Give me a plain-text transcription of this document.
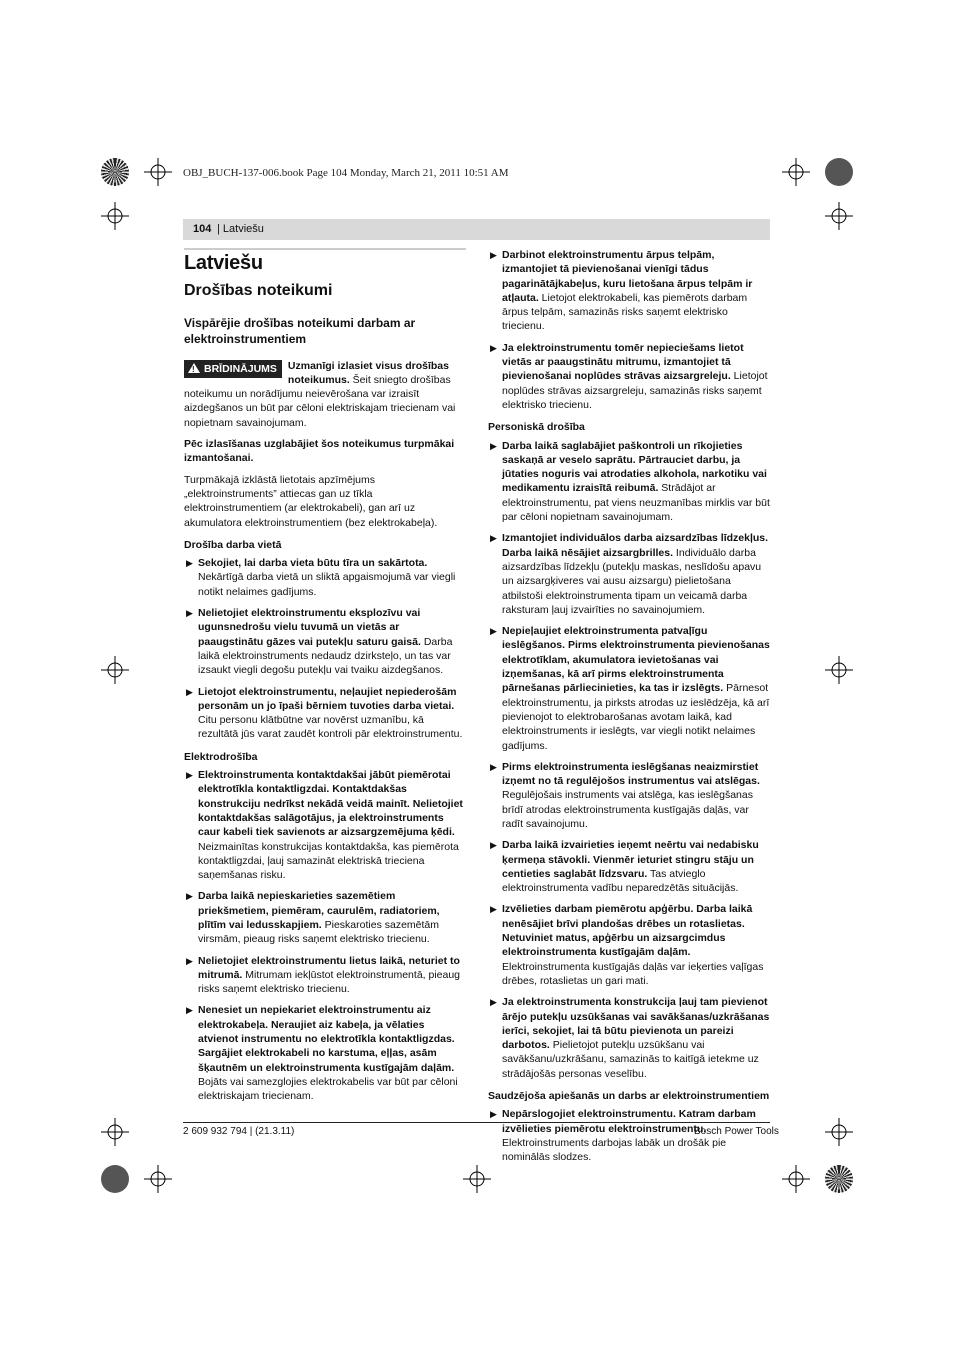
OBJ_BUCH-137-006.book Page 104 Monday, March 21, 2011 10:51 AM
104 | Latviešu
Latviešu
Drošības noteikumi
Vispārējie drošības noteikumi darbam ar elektroinstrumentiem

!BRĪDINĀJUMS	Uzmanīgi izlasiet visus drošības noteikumus. Šeit sniegto drošības noteikumu un norādījumu neievērošana var izraisīt aizdegšanos un būt par cēloni elektriskajam triecienam vai nopietnam savainojumam.

Pēc izlasīšanas uzglabājiet šos noteikumus turpmākai izmantošanai.

Turpmākajā izklāstā lietotais apzīmējums „elektroinstruments” attiecas gan uz tīkla elektroinstrumentiem (ar elektrokabeli), gan arī uz akumulatora elektroinstrumentiem (bez elektrokabeļa).

Drošība darba vietā
▶ Sekojiet, lai darba vieta būtu tīra un sakārtota. Nekārtīgā darba vietā un sliktā apgaismojumā var viegli notikt nelaimes gadījums.
▶ Nelietojiet elektroinstrumentu eksplozīvu vai ugunsnedrošu vielu tuvumā un vietās ar paaugstinātu gāzes vai putekļu saturu gaisā. Darba laikā elektroinstruments nedaudz dzirksteļo, un tas var izsaukt viegli degošu putekļu vai tvaiku aizdegšanos.
▶ Lietojot elektroinstrumentu, neļaujiet nepiederošām personām un jo īpaši bērniem tuvoties darba vietai. Citu personu klātbūtne var novērst uzmanību, kā rezultātā jūs varat zaudēt kontroli pār elektroinstrumentu.
Elektrodrošība
▶ Elektroinstrumenta kontaktdakšai jābūt piemērotai elektrotīkla kontaktligzdai. Kontaktdakšas konstrukciju nedrīkst nekādā veidā mainīt. Nelietojiet kontaktdakšas salāgotājus, ja elektroinstruments caur kabeli tiek savienots ar aizsargzemējuma ķēdi. Neizmainītas konstrukcijas kontaktdakša, kas piemērota kontaktligzdai, ļauj samazināt elektriskā trieciena saņemšanas risku.
▶ Darba laikā nepieskarieties sazemētiem priekšmetiem, piemēram, caurulēm, radiatoriem, plītīm vai ledusskapjiem. Pieskaroties sazemētām virsmām, pieaug risks saņemt elektrisko triecienu.
▶ Nelietojiet elektroinstrumentu lietus laikā, neturiet to mitrumā. Mitrumam iekļūstot elektroinstrumentā, pieaug risks saņemt elektrisko triecienu.
▶ Nenesiet un nepiekariet elektroinstrumentu aiz elektrokabeļa. Neraujiet aiz kabeļa, ja vēlaties atvienot instrumentu no elektrotīkla kontaktligzdas. Sargājiet elektrokabeli no karstuma, eļļas, asām šķautnēm un elektroinstrumenta kustīgajām daļām. Bojāts vai samezglojies elektrokabelis var būt par cēloni elektriskajam triecienam.
▶ Darbinot elektroinstrumentu ārpus telpām, izmantojiet tā pievienošanai vienīgi tādus pagarinātājkabeļus, kuru lietošana ārpus telpām ir atļauta. Lietojot elektrokabeli, kas piemērots darbam ārpus telpām, samazinās risks saņemt elektrisko triecienu.
▶ Ja elektroinstrumentu tomēr nepieciešams lietot vietās ar paaugstinātu mitrumu, izmantojiet tā pievienošanai noplūdes strāvas aizsargreleju. Lietojot noplūdes strāvas aizsargreleju, samazinās risks saņemt elektrisko triecienu.
Personiskā drošība
▶ Darba laikā saglabājiet paškontroli un rīkojieties saskaņā ar veselo saprātu. Pārtrauciet darbu, ja jūtaties noguris vai atrodaties alkohola, narkotiku vai medikamentu izraisītā reibumā. Strādājot ar elektroinstrumentu, pat viens neuzmanības mirklis var būt par cēloni nopietnam savainojumam.
▶ Izmantojiet individuālos darba aizsardzības līdzekļus. Darba laikā nēsājiet aizsargbrilles. Individuālo darba aizsardzības līdzekļu (putekļu maskas, neslīdošu apavu un aizsargķiveres vai ausu aizsargu) pielietošana atbilstoši elektroinstrumenta tipam un veicamā darba raksturam ļauj izvairīties no savainojumiem.
▶ Nepieļaujiet elektroinstrumenta patvaļīgu ieslēgšanos. Pirms elektroinstrumenta pievienošanas elektrotīklam, akumulatora ievietošanas vai izņemšanas, kā arī pirms elektroinstrumenta pārnešanas pārliecinieties, ka tas ir izslēgts. Pārnesot elektroinstrumentu, ja pirksts atrodas uz ieslēdzēja, kā arī pievienojot to elektrobarošanas avotam laikā, kad elektroinstruments ir ieslēgts, var viegli notikt nelaimes gadījums.
▶ Pirms elektroinstrumenta ieslēgšanas neaizmirstiet izņemt no tā regulējošos instrumentus vai atslēgas. Regulējošais instruments vai atslēga, kas ieslēgšanas brīdī atrodas elektroinstrumenta kustīgajās daļās, var radīt savainojumu.
▶ Darba laikā izvairieties ieņemt neērtu vai nedabisku ķermeņa stāvokli. Vienmēr ieturiet stingru stāju un centieties saglabāt līdzsvaru. Tas atvieglo elektroinstrumenta vadību neparedzētās situācijās.
▶ Izvēlieties darbam piemērotu apģērbu. Darba laikā nenēsājiet brīvi plandošas drēbes un rotaslietas. Netuviniet matus, apģērbu un aizsargcimdus elektroinstrumenta kustīgajām daļām. Elektroinstrumenta kustīgajās daļās var ieķerties vaļīgas drēbes, rotaslietas un gari mati.
▶ Ja elektroinstrumenta konstrukcija ļauj tam pievienot ārējo putekļu uzsūkšanas vai savākšanas/uzkrāšanas ierīci, sekojiet, lai tā būtu pievienota un pareizi darbotos. Pielietojot putekļu uzsūkšanu vai savākšanu/uzkrāšanu, samazinās to kaitīgā ietekme uz strādājošās personas veselību.
Saudzējoša apiešanās un darbs ar elektroinstrumentiem
▶ Nepārslogojiet elektroinstrumentu. Katram darbam izvēlieties piemērotu elektroinstrumentu. Elektroinstruments darbojas labāk un drošāk pie nominālās slodzes.
2 609 932 794 | (21.3.11)	Bosch Power Tools
